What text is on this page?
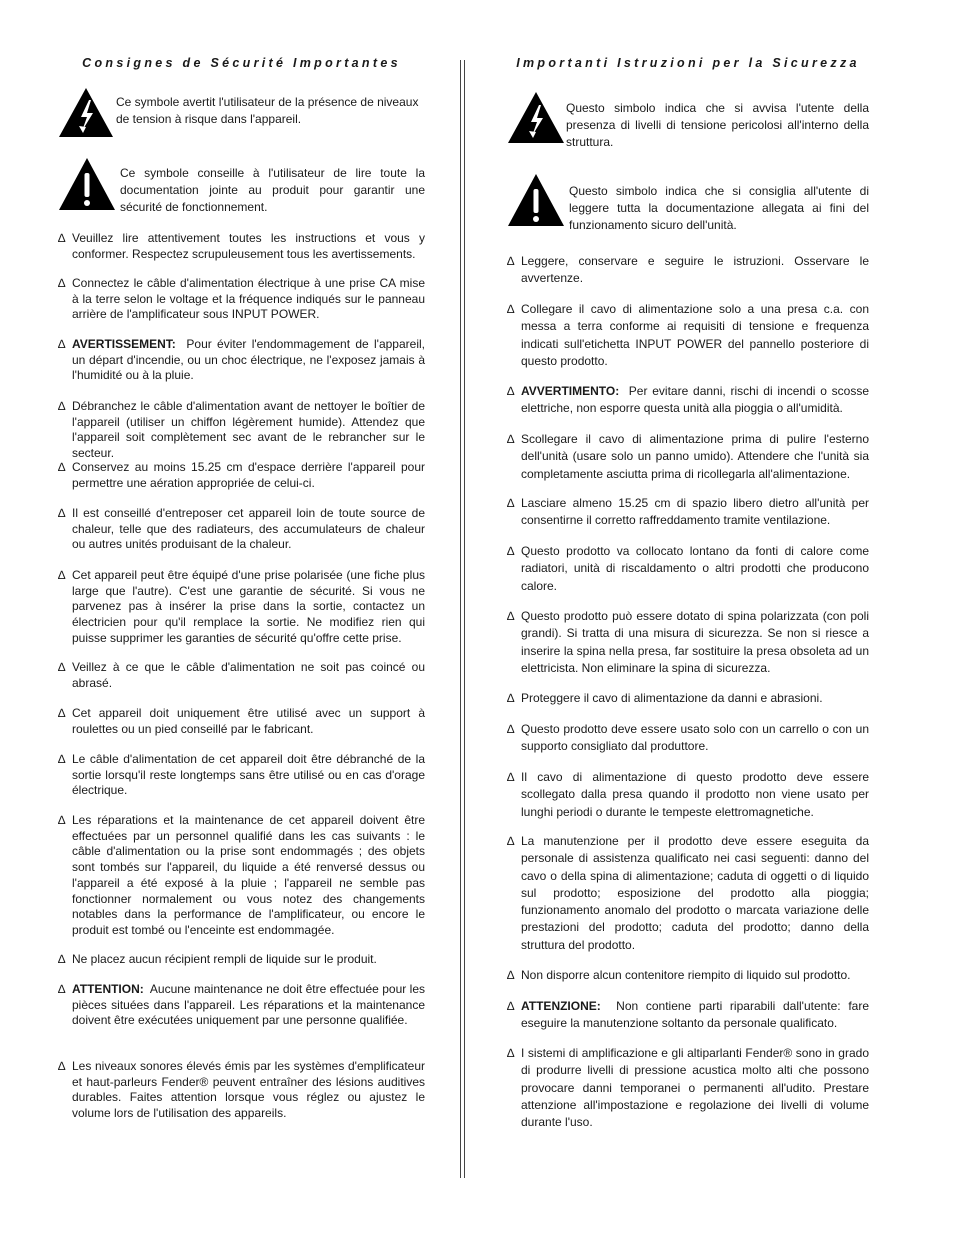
Consignes de Sécurité Importantes
Ce symbole avertit l'utilisateur de la présence de niveaux de tension à risque dans l'appareil.
Ce symbole conseille à l'utilisateur de lire toute la documentation jointe au produit pour garantir une sécurité de fonctionnement.
∆ Veuillez lire attentivement toutes les instructions et vous y conformer. Respectez scrupuleusement tous les avertissements.
∆ Connectez le câble d'alimentation électrique à une prise CA mise à la terre selon le voltage et la fréquence indiqués sur le panneau arrière de l'amplificateur sous INPUT POWER.
∆ AVERTISSEMENT: Pour éviter l'endommagement de l'appareil, un départ d'incendie, ou un choc électrique, ne l'exposez jamais à l'humidité ou à la pluie.
∆ Débranchez le câble d'alimentation avant de nettoyer le boîtier de l'appareil (utiliser un chiffon légèrement humide). Attendez que l'appareil soit complètement sec avant de le rebrancher sur le secteur.
∆ Conservez au moins 15.25 cm d'espace derrière l'appareil pour permettre une aération appropriée de celui-ci.
∆ Il est conseillé d'entreposer cet appareil loin de toute source de chaleur, telle que des radiateurs, des accumulateurs de chaleur ou autres unités produisant de la chaleur.
∆ Cet appareil peut être équipé d'une prise polarisée (une fiche plus large que l'autre). C'est une garantie de sécurité. Si vous ne parvenez pas à insérer la prise dans la sortie, contactez un électricien pour qu'il remplace la sortie. Ne modifiez rien qui puisse supprimer les garanties de sécurité qu'offre cette prise.
∆ Veillez à ce que le câble d'alimentation ne soit pas coincé ou abrasé.
∆ Cet appareil doit uniquement être utilisé avec un support à roulettes ou un pied conseillé par le fabricant.
∆ Le câble d'alimentation de cet appareil doit être débranché de la sortie lorsqu'il reste longtemps sans être utilisé ou en cas d'orage électrique.
∆ Les réparations et la maintenance de cet appareil doivent être effectuées par un personnel qualifié dans les cas suivants : le câble d'alimentation ou la prise sont endommagés ; des objets sont tombés sur l'appareil, du liquide a été renversé dessus ou l'appareil a été exposé à la pluie ; l'appareil ne semble pas fonctionner normalement ou vous notez des changements notables dans la performance de l'amplificateur, ou encore le produit est tombé ou l'enceinte est endommagée.
∆ Ne placez aucun récipient rempli de liquide sur le produit.
∆ ATTENTION: Aucune maintenance ne doit être effectuée pour les pièces situées dans l'appareil. Les réparations et la maintenance doivent être exécutées uniquement par une personne qualifiée.
∆ Les niveaux sonores élevés émis par les systèmes d'emplificateur et haut-parleurs Fender® peuvent entraîner des lésions auditives durables. Faites attention lorsque vous réglez ou ajustez le volume lors de l'utilisation des appareils.
Importanti Istruzioni per la Sicurezza
Questo simbolo indica che si avvisa l'utente della presenza di livelli di tensione pericolosi all'interno della struttura.
Questo simbolo indica che si consiglia all'utente di leggere tutta la documentazione allegata ai fini del funzionamento sicuro dell'unità.
∆ Leggere, conservare e seguire le istruzioni. Osservare le avvertenze.
∆ Collegare il cavo di alimentazione solo a una presa c.a. con messa a terra conforme ai requisiti di tensione e frequenza indicati sull'etichetta INPUT POWER del pannello posteriore di questo prodotto.
∆ AVVERTIMENTO: Per evitare danni, rischi di incendi o scosse elettriche, non esporre questa unità alla pioggia o all'umidità.
∆ Scollegare il cavo di alimentazione prima di pulire l'esterno dell'unità (usare solo un panno umido). Attendere che l'unità sia completamente asciutta prima di ricollegarla all'alimentazione.
∆ Lasciare almeno 15.25 cm di spazio libero dietro all'unità per consentirne il corretto raffreddamento tramite ventilazione.
∆ Questo prodotto va collocato lontano da fonti di calore come radiatori, unità di riscaldamento o altri prodotti che producono calore.
∆ Questo prodotto può essere dotato di spina polarizzata (con poli grandi). Si tratta di una misura di sicurezza. Se non si riesce a inserire la spina nella presa, far sostituire la presa obsoleta ad un elettricista. Non eliminare la spina di sicurezza.
∆ Proteggere il cavo di alimentazione da danni e abrasioni.
∆ Questo prodotto deve essere usato solo con un carrello o con un supporto consigliato dal produttore.
∆ Il cavo di alimentazione di questo prodotto deve essere scollegato dalla presa quando il prodotto non viene usato per lunghi periodi o durante le tempeste elettromagnetiche.
∆ La manutenzione per il prodotto deve essere eseguita da personale di assistenza qualificato nei casi seguenti: danno del cavo o della spina di alimentazione; caduta di oggetti o di liquido sul prodotto; esposizione del prodotto alla pioggia; funzionamento anomalo del prodotto o marcata variazione delle prestazioni del prodotto; caduta del prodotto; danno della struttura del prodotto.
∆ Non disporre alcun contenitore riempito di liquido sul prodotto.
∆ ATTENZIONE: Non contiene parti riparabili dall'utente: fare eseguire la manutenzione soltanto da personale qualificato.
∆ I sistemi di amplificazione e gli altiparlanti Fender® sono in grado di produrre livelli di pressione acustica molto alti che possono provocare danni temporanei o permanenti all'udito. Prestare attenzione all'impostazione e regolazione dei livelli di volume durante l'uso.
